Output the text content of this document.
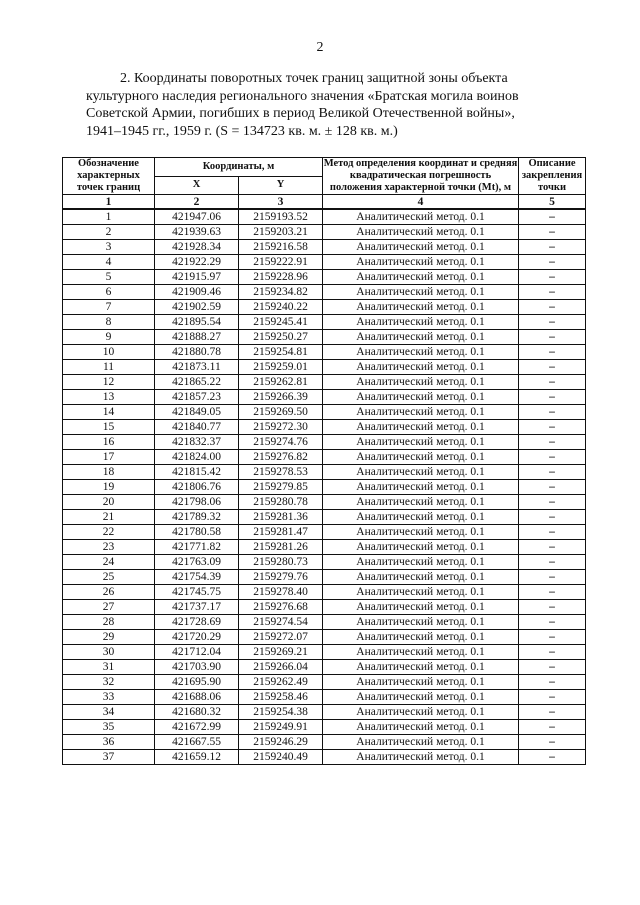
2
2. Координаты поворотных точек границ защитной зоны объекта
культурного наследия регионального значения «Братская могила воинов
Советской Армии, погибших в период Великой Отечественной войны»,
1941–1945 гг., 1959 г. (S = 134723 кв. м. ± 128 кв. м.)
Обозначение характерных точек границ	Координаты, м		Метод определения координат и средняя квадратическая погрешность положения характерной точки (Mt), м	Описание закрепления точки
	X	Y		
1	2	3	4	5
1	421947.06	2159193.52	Аналитический метод. 0.1	–
2	421939.63	2159203.21	Аналитический метод. 0.1	–
3	421928.34	2159216.58	Аналитический метод. 0.1	–
4	421922.29	2159222.91	Аналитический метод. 0.1	–
5	421915.97	2159228.96	Аналитический метод. 0.1	–
6	421909.46	2159234.82	Аналитический метод. 0.1	–
7	421902.59	2159240.22	Аналитический метод. 0.1	–
8	421895.54	2159245.41	Аналитический метод. 0.1	–
9	421888.27	2159250.27	Аналитический метод. 0.1	–
10	421880.78	2159254.81	Аналитический метод. 0.1	–
11	421873.11	2159259.01	Аналитический метод. 0.1	–
12	421865.22	2159262.81	Аналитический метод. 0.1	–
13	421857.23	2159266.39	Аналитический метод. 0.1	–
14	421849.05	2159269.50	Аналитический метод. 0.1	–
15	421840.77	2159272.30	Аналитический метод. 0.1	–
16	421832.37	2159274.76	Аналитический метод. 0.1	–
17	421824.00	2159276.82	Аналитический метод. 0.1	–
18	421815.42	2159278.53	Аналитический метод. 0.1	–
19	421806.76	2159279.85	Аналитический метод. 0.1	–
20	421798.06	2159280.78	Аналитический метод. 0.1	–
21	421789.32	2159281.36	Аналитический метод. 0.1	–
22	421780.58	2159281.47	Аналитический метод. 0.1	–
23	421771.82	2159281.26	Аналитический метод. 0.1	–
24	421763.09	2159280.73	Аналитический метод. 0.1	–
25	421754.39	2159279.76	Аналитический метод. 0.1	–
26	421745.75	2159278.40	Аналитический метод. 0.1	–
27	421737.17	2159276.68	Аналитический метод. 0.1	–
28	421728.69	2159274.54	Аналитический метод. 0.1	–
29	421720.29	2159272.07	Аналитический метод. 0.1	–
30	421712.04	2159269.21	Аналитический метод. 0.1	–
31	421703.90	2159266.04	Аналитический метод. 0.1	–
32	421695.90	2159262.49	Аналитический метод. 0.1	–
33	421688.06	2159258.46	Аналитический метод. 0.1	–
34	421680.32	2159254.38	Аналитический метод. 0.1	–
35	421672.99	2159249.91	Аналитический метод. 0.1	–
36	421667.55	2159246.29	Аналитический метод. 0.1	–
37	421659.12	2159240.49	Аналитический метод. 0.1	–
